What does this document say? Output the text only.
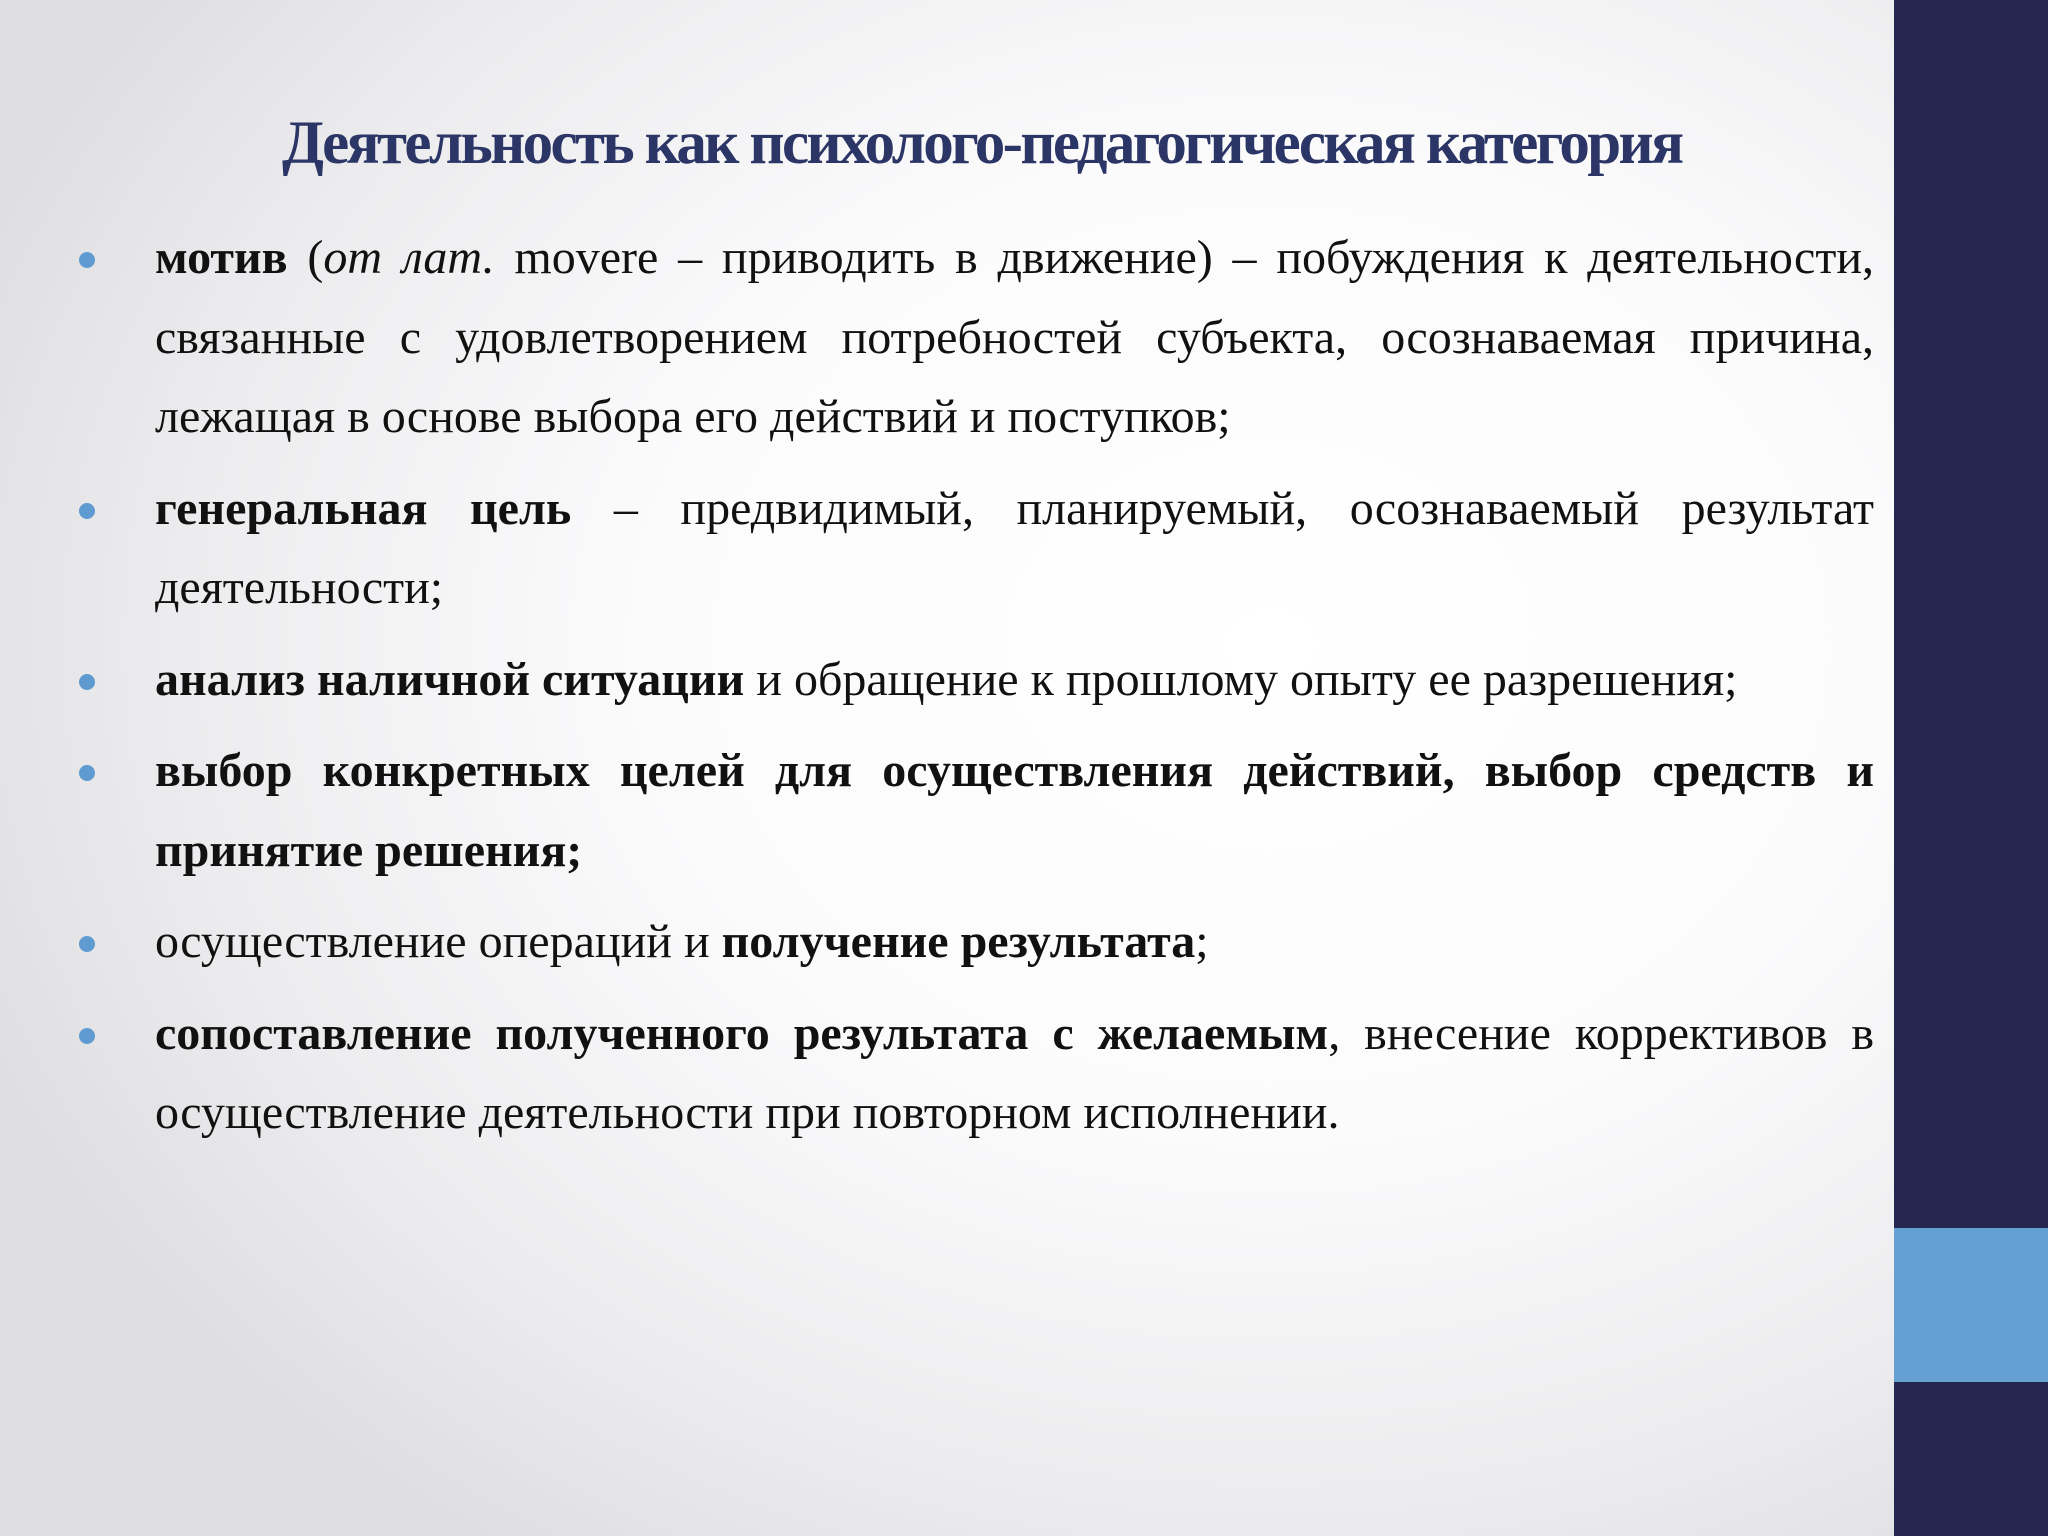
Деятельность как психолого-педагогическая категория
мотив (от лат. movere – приводить в движение) – побуждения к деятельности, связанные с удовлетворением потребностей субъекта, осознаваемая причина, лежащая в основе выбора его действий и поступков;
генеральная цель – предвидимый, планируемый, осознаваемый результат деятельности;
анализ наличной ситуации и обращение к прошлому опыту ее разрешения;
выбор конкретных целей для осуществления действий, выбор средств и принятие решения;
осуществление операций и получение результата;
сопоставление полученного результата с желаемым, внесение коррективов в осуществление деятельности при повторном исполнении.
